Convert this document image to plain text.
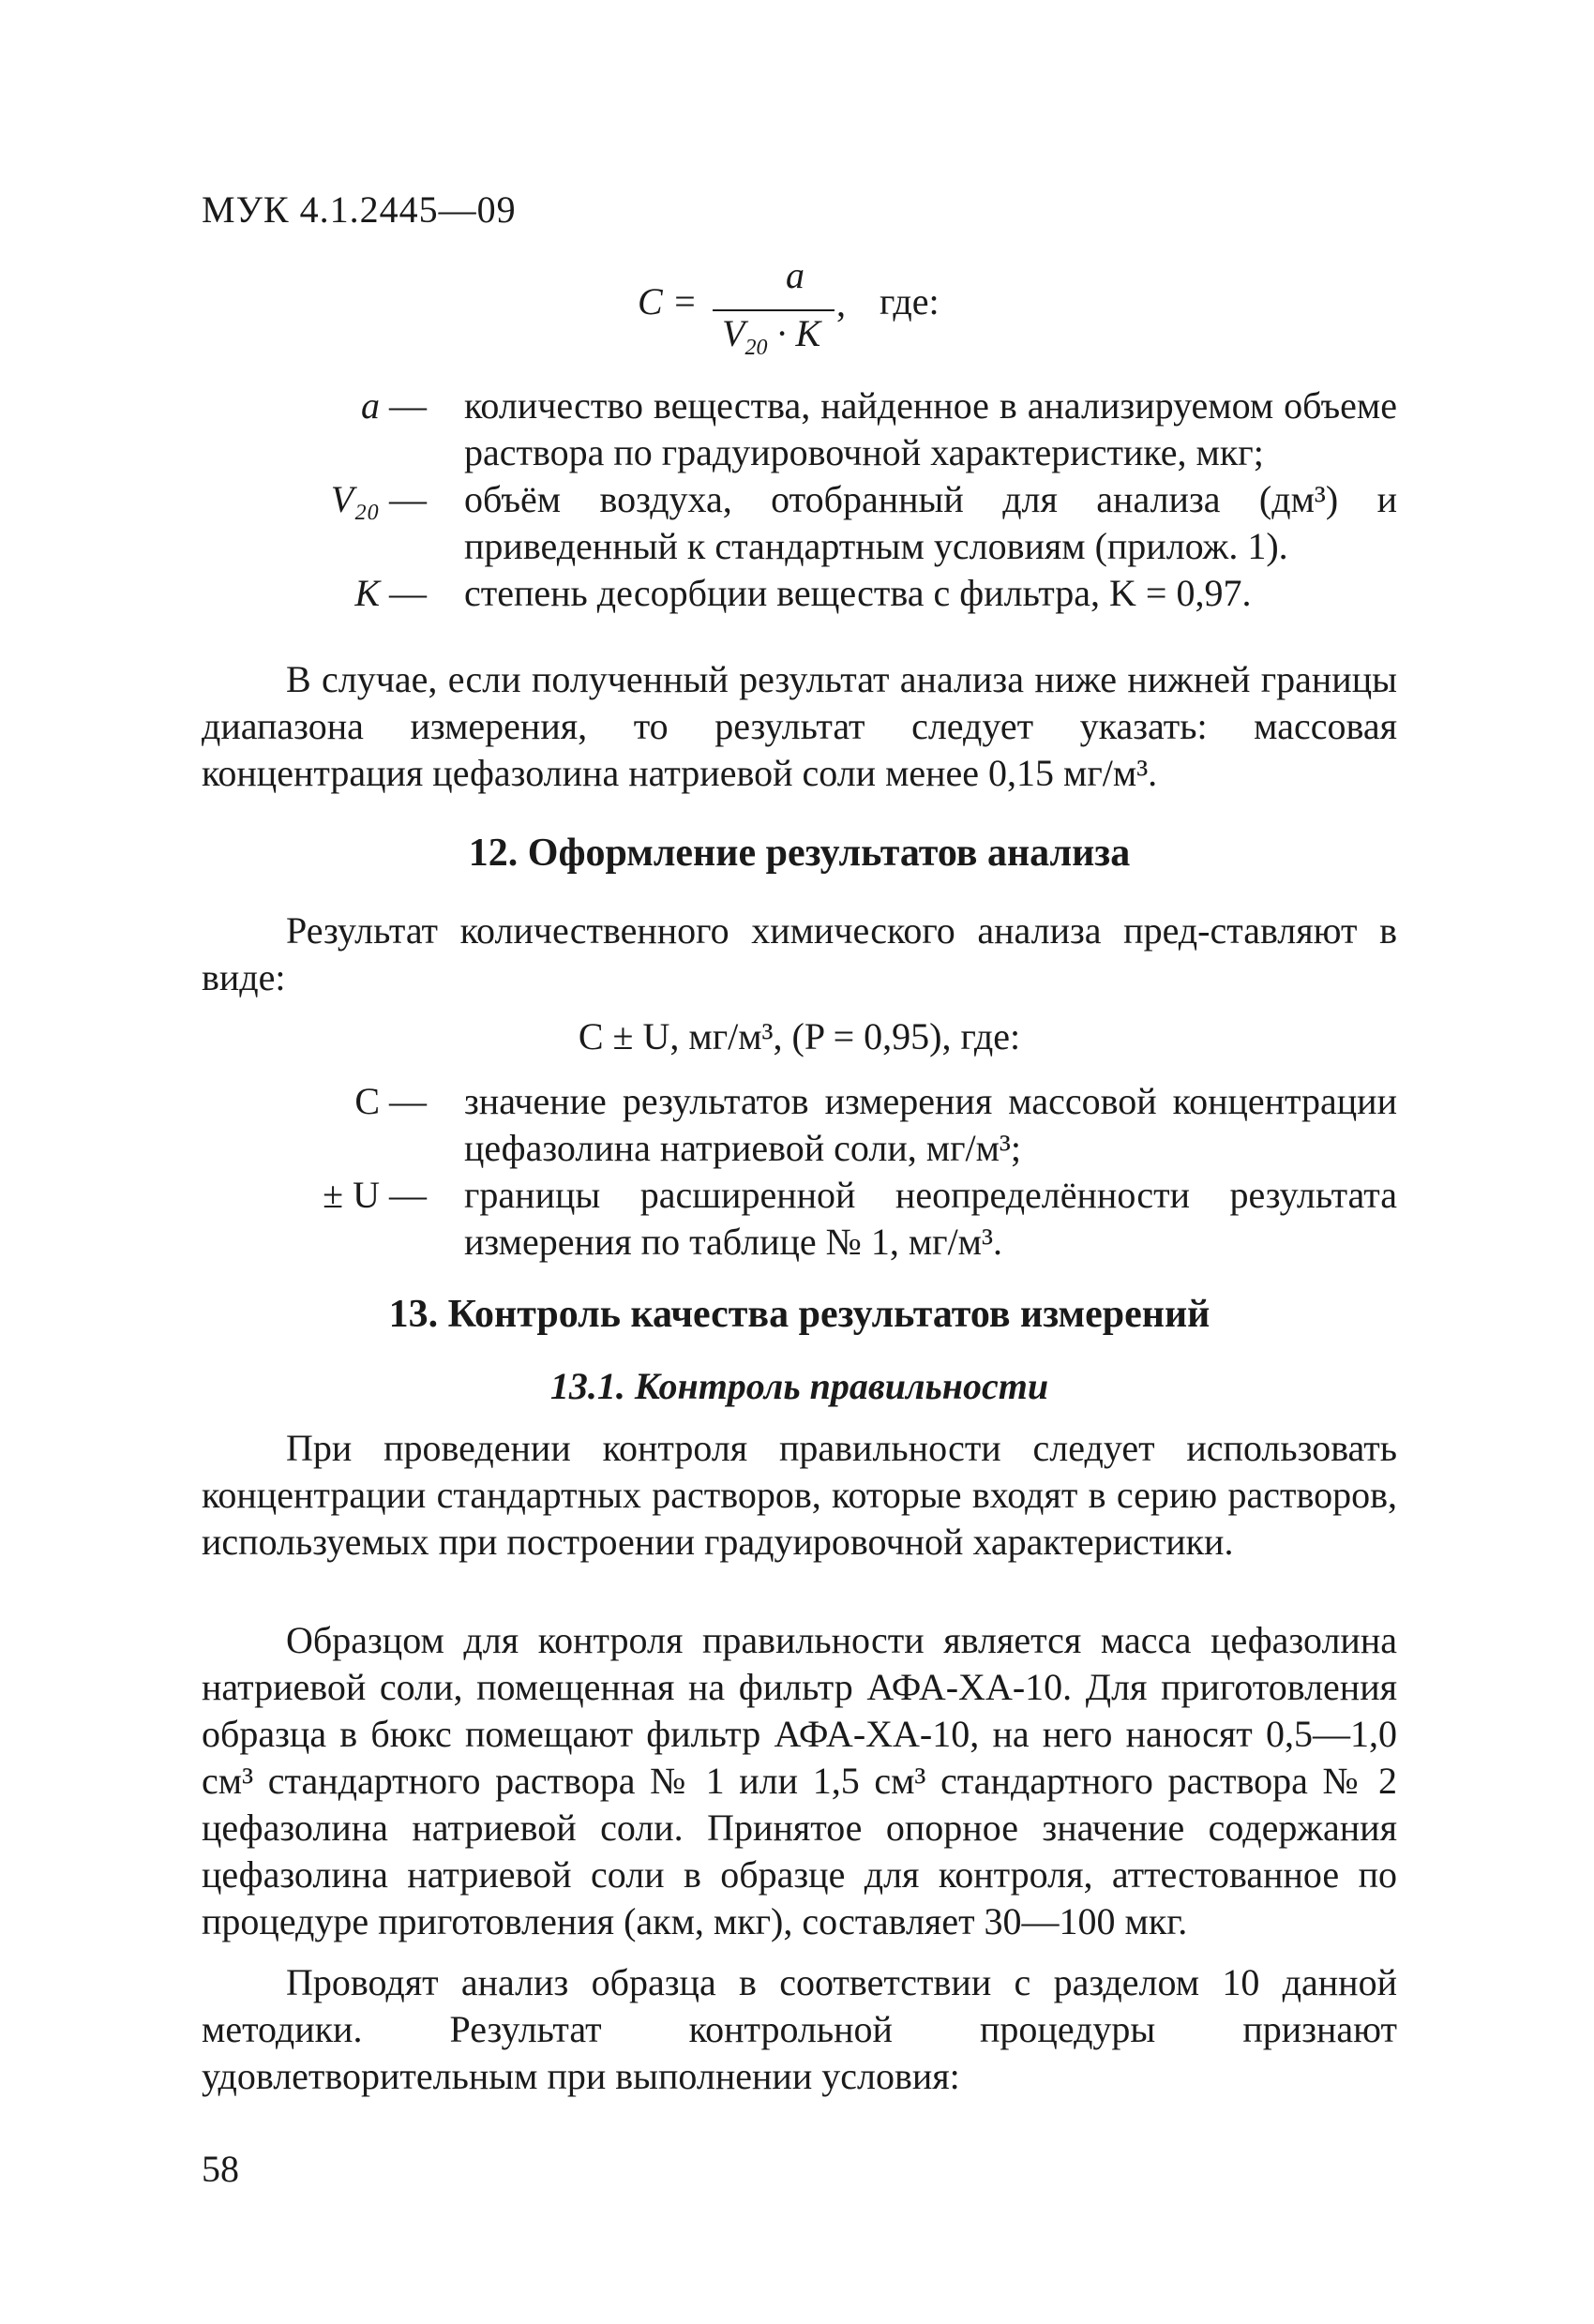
МУК 4.1.2445—09
C =
a
$V_{20} \cdot K$
, где:
a — количество вещества, найденное в анализируемом объеме раствора по градуировочной характеристике, мкг;
V₂₀ — объём воздуха, отобранный для анализа (дм³) и приведенный к стандартным условиям (прилож. 1).
K — степень десорбции вещества с фильтра, K = 0,97.
В случае, если полученный результат анализа ниже нижней границы диапазона измерения, то результат следует указать: массовая концентрация цефазолина натриевой соли менее 0,15 мг/м³.
12. Оформление результатов анализа
Результат количественного химического анализа пред-ставляют в виде:
C ± U, мг/м³, (P = 0,95), где:
C — значение результатов измерения массовой концентрации цефазолина натриевой соли, мг/м³;
± U — границы расширенной неопределённости результата измерения по таблице № 1, мг/м³.
13. Контроль качества результатов измерений
13.1. Контроль правильности
При проведении контроля правильности следует использовать концентрации стандартных растворов, которые входят в серию растворов, используемых при построении градуировочной характеристики.
Образцом для контроля правильности является масса цефазолина натриевой соли, помещенная на фильтр АФА-ХА-10. Для приготовления образца в бюкс помещают фильтр АФА-ХА-10, на него наносят 0,5—1,0 см³ стандартного раствора № 1 или 1,5 см³ стандартного раствора № 2 цефазолина натриевой соли. Принятое опорное значение содержания цефазолина натриевой соли в образце для контроля, аттестованное по процедуре приготовления (aкм, мкг), составляет 30—100 мкг.
Проводят анализ образца в соответствии с разделом 10 данной методики. Результат контрольной процедуры признают удовлетворительным при выполнении условия:
58
